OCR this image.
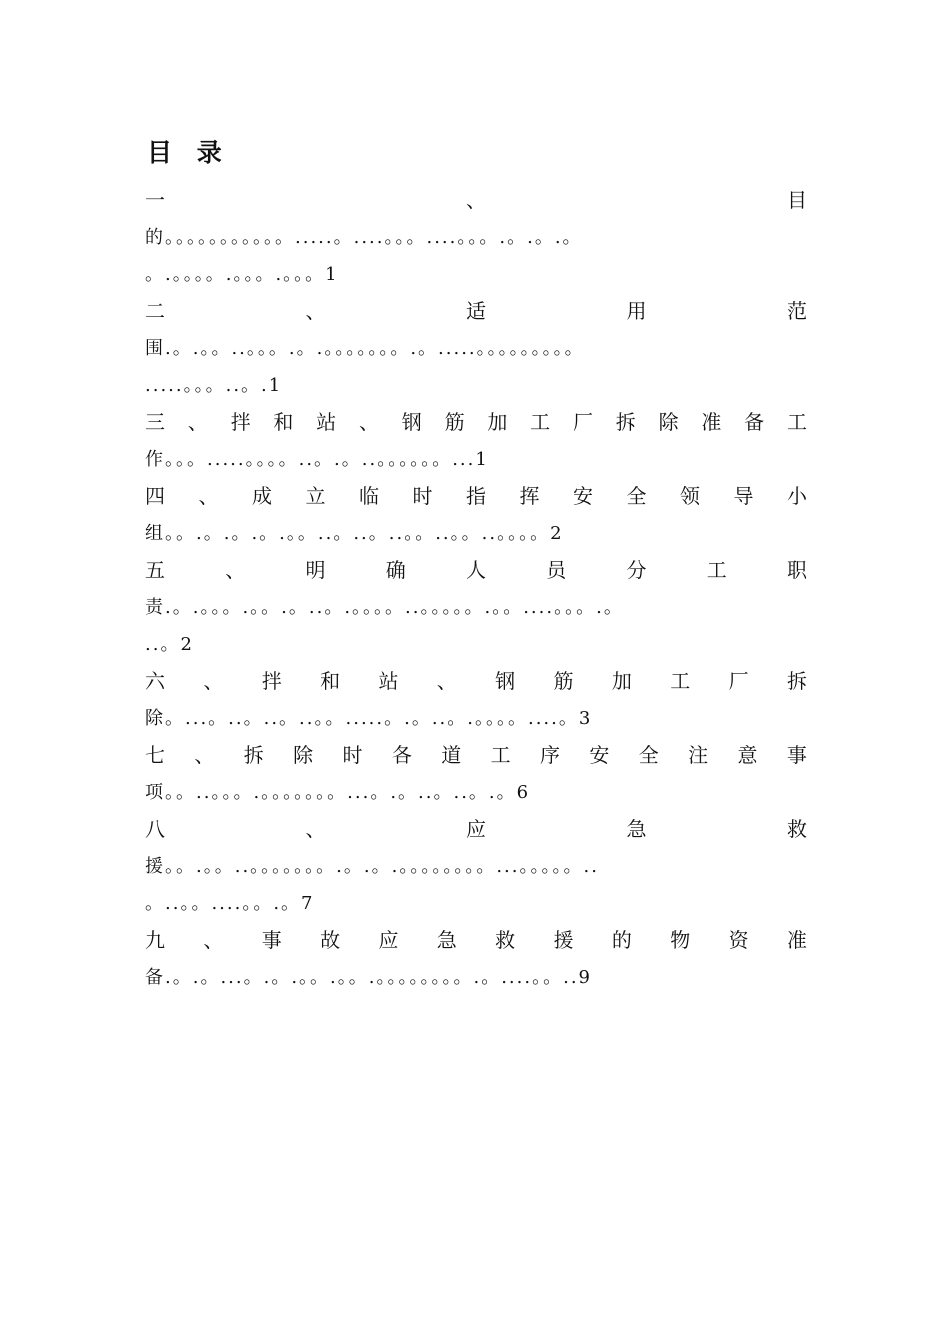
目 录
一	、	目
的。。。。。。。。。。。.....。....。。。....。。。.。.。.。
。.。。。。.。。。.。。。1
二	、	适	用	范
围.。.。。..。。。.。.。。。。。。。.。.....。。。。。。。。。
.....。。。..。.1
三 、 拌 和 站 、 钢 筋 加 工 厂 拆 除 准 备 工
作。。。.....。。。。..。.。..。。。。。。...1
四 、 成 立 临 时 指 挥 安 全 领 导 小
组。。.。.。.。.。。..。..。..。。..。。..。。。。2
五	、	明	确	人	员	分	工	职
责.。.。。。.。。.。..。.。。。。..。。。。。.。。....。。。.。
..。2
六 、 拌 和 站 、 钢 筋 加 工 厂 拆
除。...。..。..。..。。.....。.。..。.。。。。....。3
七 、 拆 除 时 各 道 工 序 安 全 注 意 事
项。。..。。。.。。。。。。。...。.。..。..。.。6
八	、	应	急	救
援。。.。。..。。。。。。。.。.。.。。。。。。。。...。。。。。..
。..。。....。。.。7
九 、 事 故 应 急 救 援 的 物 资 准
备.。.。...。.。.。。.。。.。。。。。。。。.。....。。..9
